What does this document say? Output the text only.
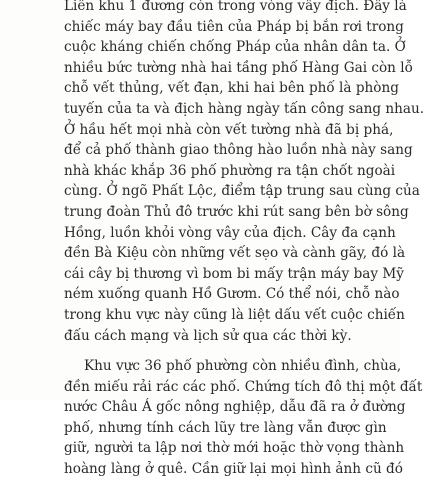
Liên khu 1 đương còn trong vòng vây địch. Đây là
chiếc máy bay đầu tiên của Pháp bị bắn rơi trong
cuộc kháng chiến chống Pháp của nhân dân ta. Ở
nhiều bức tường nhà hai tầng phố Hàng Gai còn lỗ
chỗ vết thủng, vết đạn, khi hai bên phố là phòng
tuyến của ta và địch hàng ngày tấn công sang nhau.
Ở hầu hết mọi nhà còn vết tường nhà đã bị phá,
để cả phố thành giao thông hào luồn nhà này sang
nhà khác khắp 36 phố phường ra tận chốt ngoài
cùng. Ở ngõ Phất Lộc, điểm tập trung sau cùng của
trung đoàn Thủ đô trước khi rút sang bên bờ sông
Hồng, luồn khỏi vòng vây của địch. Cây đa cạnh
đền Bà Kiệu còn những vết sẹo và cành gãy, đó là
cái cây bị thương vì bom bi mấy trận máy bay Mỹ
ném xuống quanh Hồ Gươm. Có thể nói, chỗ nào
trong khu vực này cũng là liệt dấu vết cuộc chiến
đấu cách mạng và lịch sử qua các thời kỳ.
Khu vực 36 phố phường còn nhiều đình, chùa,
đền miếu rải rác các phố. Chứng tích đô thị một đất
nước Châu Á gốc nông nghiệp, dẫu đã ra ở đường
phố, nhưng tính cách lũy tre làng vẫn được gìn
giữ, người ta lập nơi thờ mới hoặc thờ vọng thành
hoàng làng ở quê. Cần giữ lại mọi hình ảnh cũ đó
